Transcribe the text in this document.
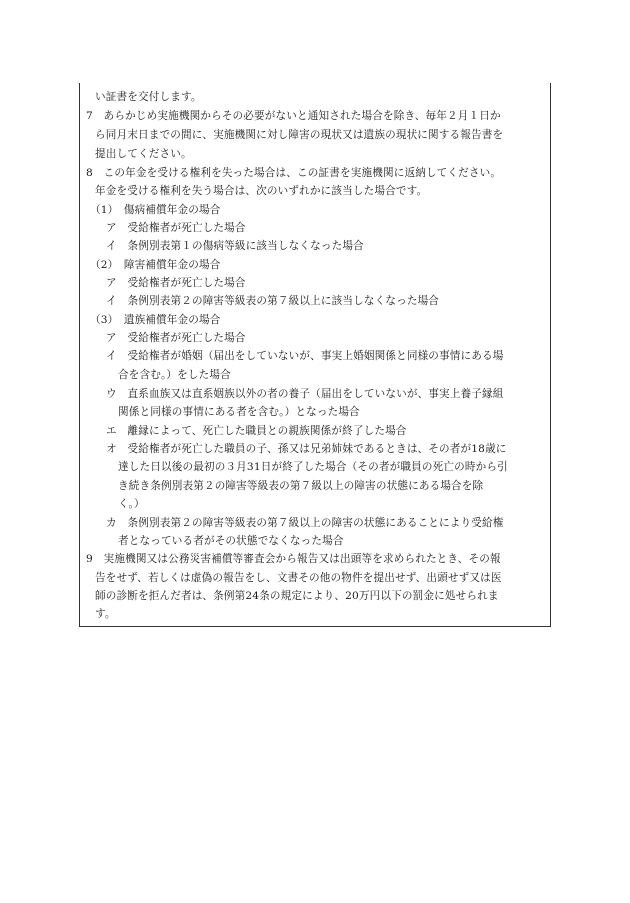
い証書を交付します。
7　あらかじめ実施機関からその必要がないと通知された場合を除き、毎年２月１日か
ら同月末日までの間に、実施機関に対し障害の現状又は遺族の現状に関する報告書を
提出してください。
8　この年金を受ける権利を失った場合は、この証書を実施機関に返納してください。
年金を受ける権利を失う場合は、次のいずれかに該当した場合です。
（1）　傷病補償年金の場合
ア　受給権者が死亡した場合
イ　条例別表第１の傷病等級に該当しなくなった場合
（2）　障害補償年金の場合
ア　受給権者が死亡した場合
イ　条例別表第２の障害等級表の第７級以上に該当しなくなった場合
（3）　遺族補償年金の場合
ア　受給権者が死亡した場合
イ　受給権者が婚姻（届出をしていないが、事実上婚姻関係と同様の事情にある場
合を含む。）をした場合
ウ　直系血族又は直系姻族以外の者の養子（届出をしていないが、事実上養子縁組
関係と同様の事情にある者を含む。）となった場合
エ　離縁によって、死亡した職員との親族関係が終了した場合
オ　受給権者が死亡した職員の子、孫又は兄弟姉妹であるときは、その者が18歳に
達した日以後の最初の３月31日が終了した場合（その者が職員の死亡の時から引
き続き条例別表第２の障害等級表の第７級以上の障害の状態にある場合を除
く。）
カ　条例別表第２の障害等級表の第７級以上の障害の状態にあることにより受給権
者となっている者がその状態でなくなった場合
9　実施機関又は公務災害補償等審査会から報告又は出頭等を求められたとき、その報
告をせず、若しくは虚偽の報告をし、文書その他の物件を提出せず、出頭せず又は医
師の診断を拒んだ者は、条例第24条の規定により、20万円以下の罰金に処せられま
す。
